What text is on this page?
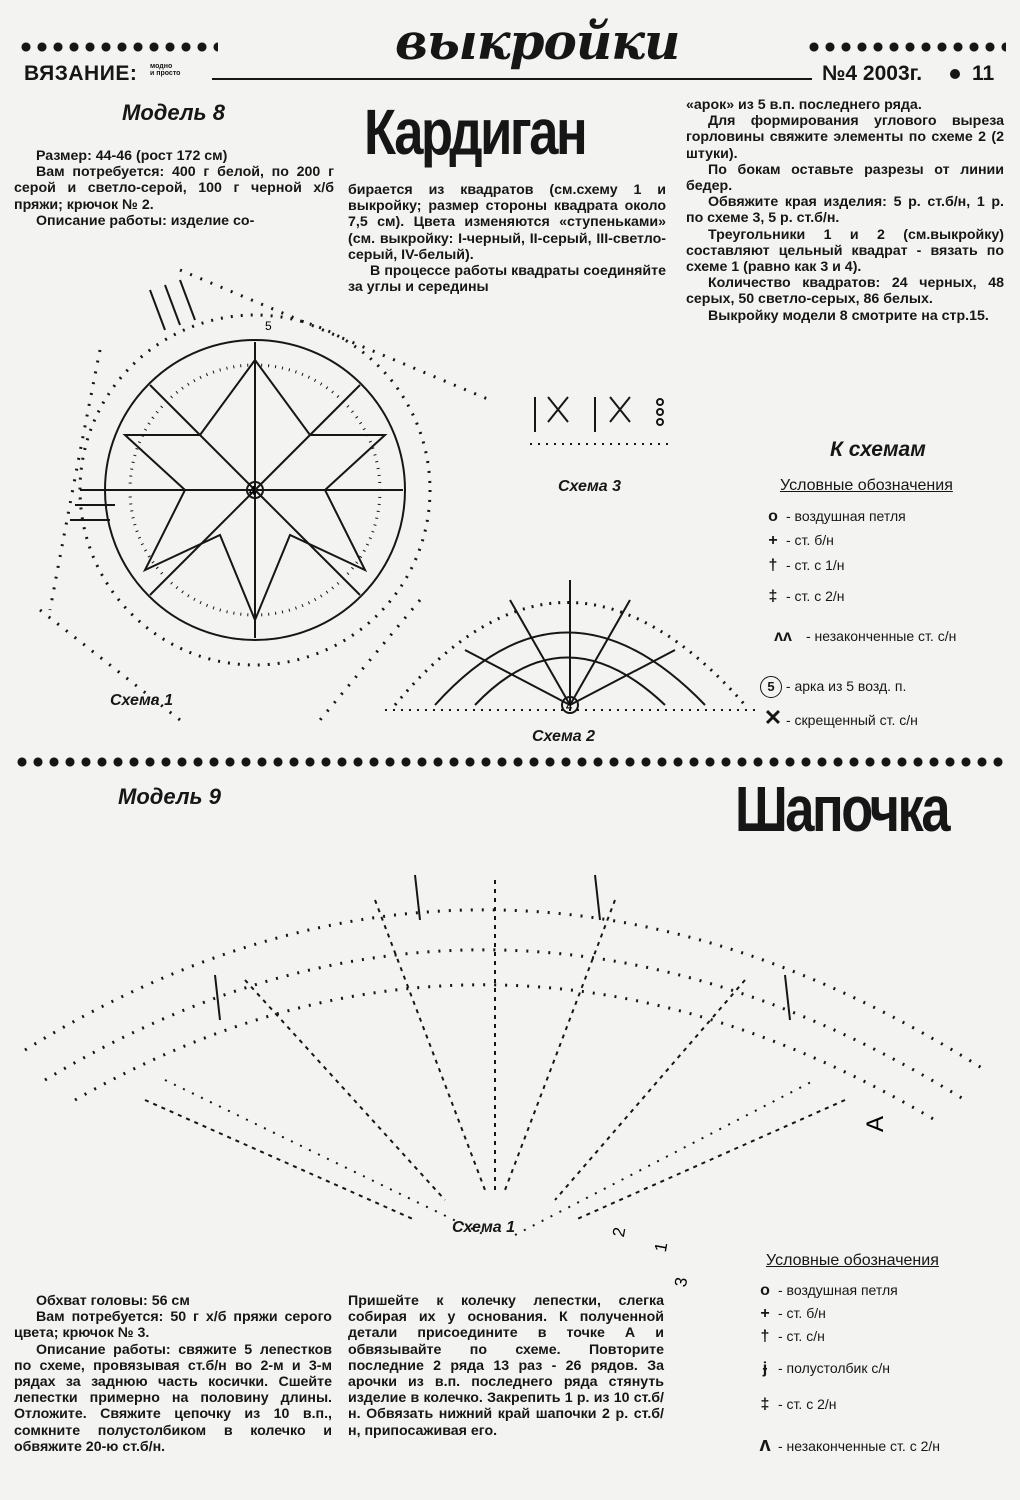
ВЯЗАНИЕ: модно
и просто
выкройки
№4 2003г. 11
Модель 8 Кардиган

Размер: 44-46 (рост 172 см)

Вам потребуется: 400 г белой, по 200 г серой и светло-серой, 100 г черной х/б пряжи; крючок № 2.

Описание работы: изделие со-

бирается из квадратов (см.схему 1 и выкройку; размер стороны квадрата около 7,5 см). Цвета изменяются «ступеньками» (см. выкройку: I-черный, II-серый, III-светло-серый, IV-белый).

В процессе работы квадраты соединяйте за углы и середины

«арок» из 5 в.п. последнего ряда.

Для формирования углового выреза горловины свяжите элементы по схеме 2 (2 штуки).

По бокам оставьте разрезы от линии бедер.

Обвяжите края изделия: 5 р. ст.б/н, 1 р. по схеме 3, 5 р. ст.б/н.

Треугольники 1 и 2 (см.выкройку) составляют цельный квадрат - вязать по схеме 1 (равно как 3 и 4).

Количество квадратов: 24 черных, 48 серых, 50 светло-серых, 86 белых.

Выкройку модели 8 смотрите на стр.15.

4
5
Схема 1
Схема 3
4
Схема 2
К схемам
Условные обозначения
o - воздушная петля
+ - ст. б/н
† - ст. с 1/н
‡ - ст. с 2/н
ʌʌ - незаконченные ст. с/н
5 - арка из 5 возд. п.
✕ - скрещенный ст. с/н
Модель 9	Шапочка
A
2
1
3
Схема 1

Обхват головы: 56 см

Вам потребуется: 50 г х/б пряжи серого цвета; крючок № 3.

Описание работы: свяжите 5 лепестков по схеме, провязывая ст.б/н во 2-м и 3-м рядах за заднюю часть косички. Сшейте лепестки примерно на половину длины. Отложите. Свяжите цепочку из 10 в.п., сомкните полустолбиком в колечко и обвяжите 20-ю ст.б/н.

Пришейте к колечку лепестки, слегка собирая их у основания. К полученной детали присоедините в точке А и обвязывайте по схеме. Повторите последние 2 ряда 13 раз - 26 рядов. За арочки из в.п. последнего ряда стянуть изделие в колечко. Закрепить 1 р. из 10 ст.б/н. Обвязать нижний край шапочки 2 р. ст.б/н, припосаживая его.

Условные обозначения
o - воздушная петля
+ - ст. б/н
† - ст. с/н
ɉ - полустолбик с/н
‡ - ст. с 2/н
ʌ - незаконченные ст. с 2/н
